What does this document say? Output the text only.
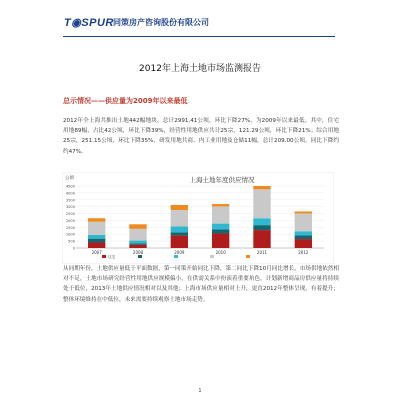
T◉SPUR 同策房产咨询股份有限公司
2012年上海土地市场监测报告
总示情况——供应量为2009年以来最低
2012年全上海共推出土地442幅地块，总计2991.41公顷，环比下降27%，为2009年以来最低。其中，住宅用地89幅，占比42公顷，环比下降39%，经营性用地供应共计25宗，121.29公顷，环比下降21%；综合用地25宗，251.15公顷，环比下降35%，研发用地共商、内工业用地及仓储11幅，总计209.00公顷，同比下降约约47%。
上海土地年度供应情况
公顷
0
500
1000
1500
2000
2500
3000
3500
4000
4500
2007	2008	2009	2010	2011	2012
住宅
从同期年份，土地供应量低于平面数据，第一同策开始同比下降，第二同比下降10月同比增长，市场供地依然相对不足，土地市场研究经营性用地供应规模偏小，在供需关系中扮演着重要角色，计划新增商品房供应量将持续处于低位，2013年土地供应情况相对以及其他；上海市场供应量相对上升，更直2012年整体呈现，有着提升；整体环境维持在中低位，未来需要持续观察土地市场走势。
1
